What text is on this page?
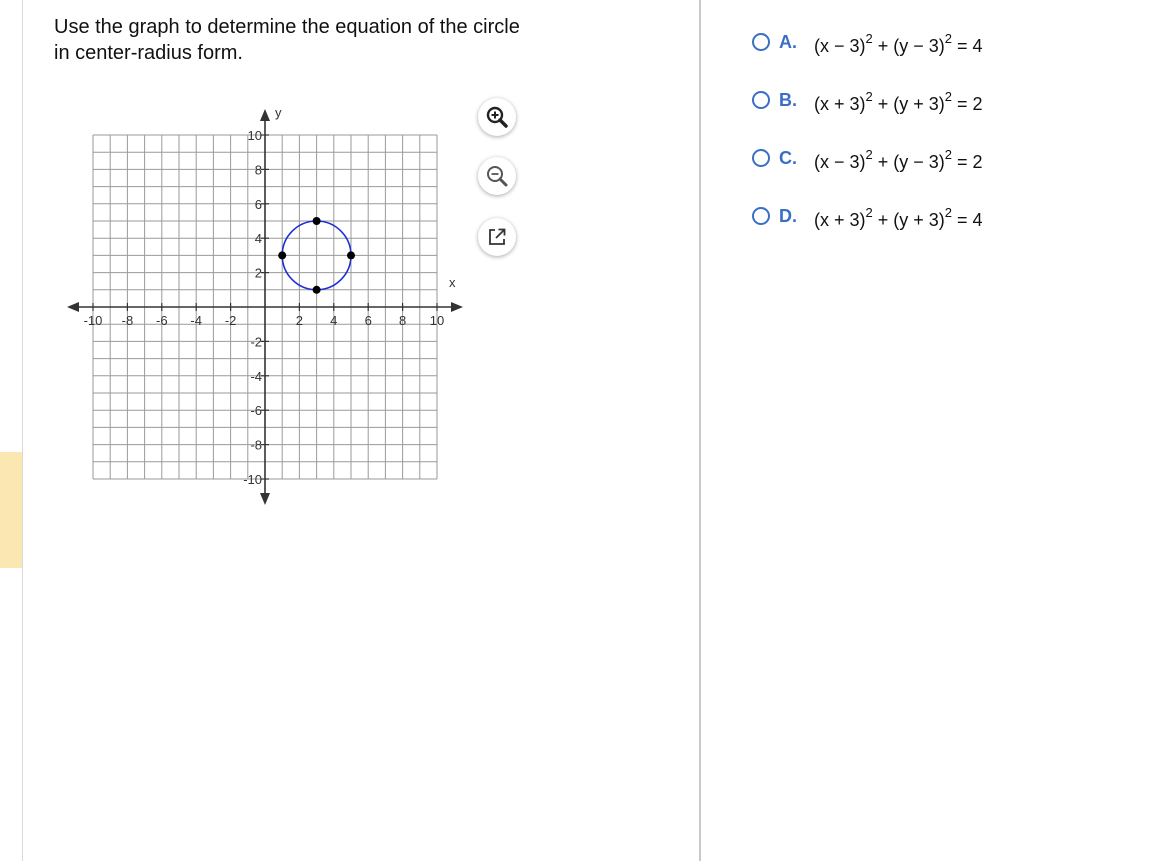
Use the graph to determine the equation of the circle
in center-radius form.
-10 -8 -6 -4 -2	2 4 6 8 10
10
8
6
4
2
-2
-4
-6
-8
-10
x
y
A. $(x - 3)^2 + (y - 3)^2 = 4$
B. $(x + 3)^2 + (y + 3)^2 = 2$
C. $(x - 3)^2 + (y - 3)^2 = 2$
D. $(x + 3)^2 + (y + 3)^2 = 4$
